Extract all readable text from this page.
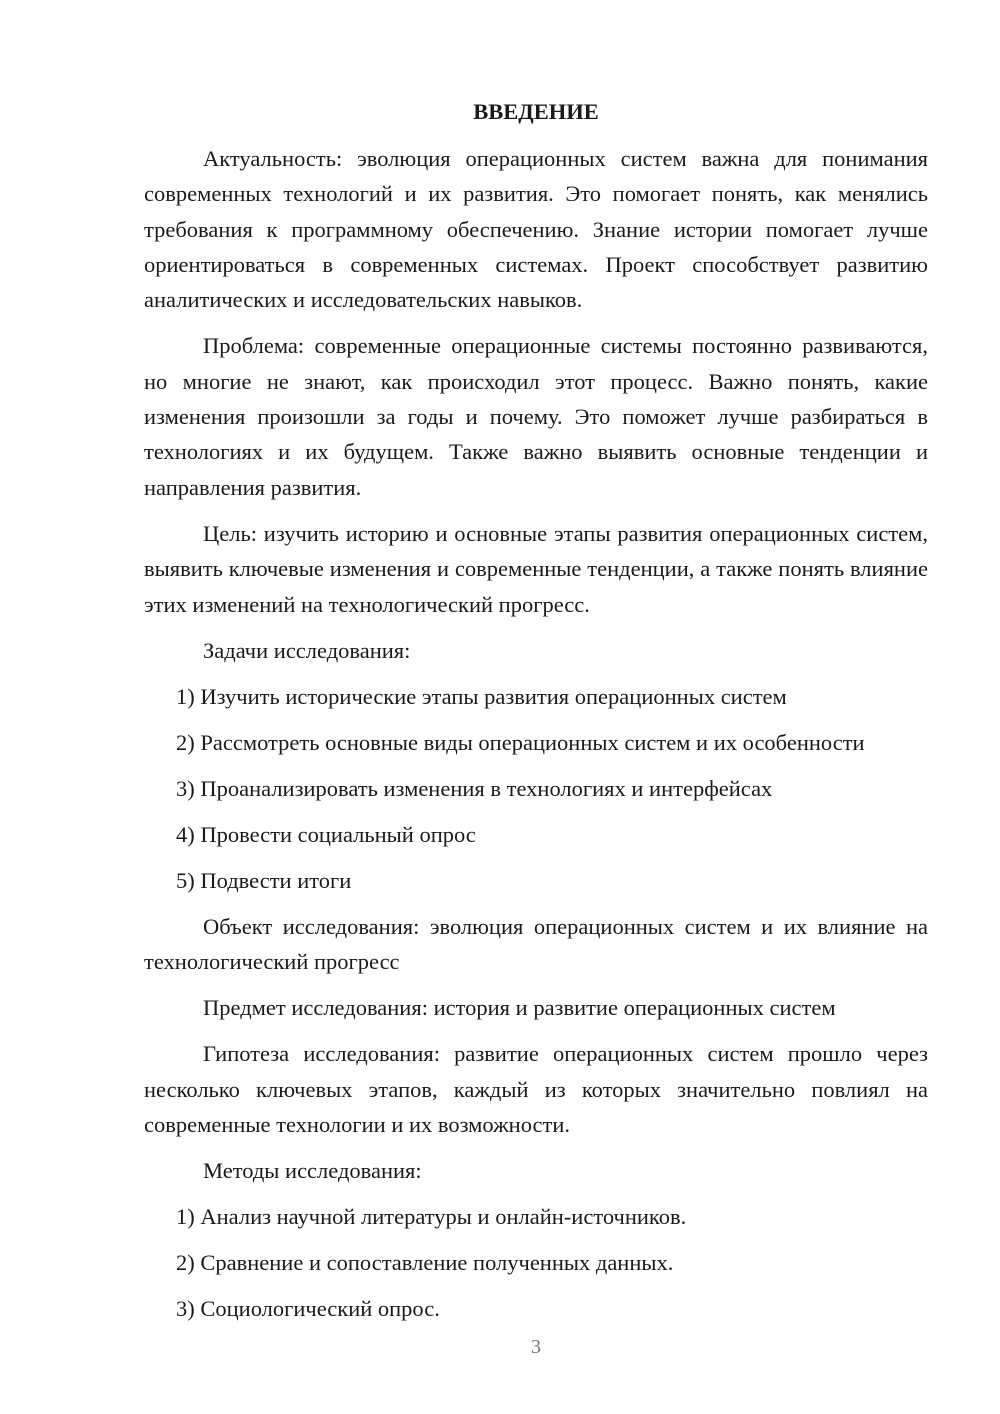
ВВЕДЕНИЕ
Актуальность: эволюция операционных систем важна для понимания современных технологий и их развития. Это помогает понять, как менялись требования к программному обеспечению. Знание истории помогает лучше ориентироваться в современных системах. Проект способствует развитию аналитических и исследовательских навыков.
Проблема: современные операционные системы постоянно развиваются, но многие не знают, как происходил этот процесс. Важно понять, какие изменения произошли за годы и почему. Это поможет лучше разбираться в технологиях и их будущем. Также важно выявить основные тенденции и направления развития.
Цель: изучить историю и основные этапы развития операционных систем, выявить ключевые изменения и современные тенденции, а также понять влияние этих изменений на технологический прогресс.
Задачи исследования:
1) Изучить исторические этапы развития операционных систем
2) Рассмотреть основные виды операционных систем и их особенности
3) Проанализировать изменения в технологиях и интерфейсах
4) Провести социальный опрос
5) Подвести итоги
Объект исследования: эволюция операционных систем и их влияние на технологический прогресс
Предмет исследования: история и развитие операционных систем
Гипотеза исследования: развитие операционных систем прошло через несколько ключевых этапов, каждый из которых значительно повлиял на современные технологии и их возможности.
Методы исследования:
1) Анализ научной литературы и онлайн-источников.
2) Сравнение и сопоставление полученных данных.
3) Социологический опрос.
3
